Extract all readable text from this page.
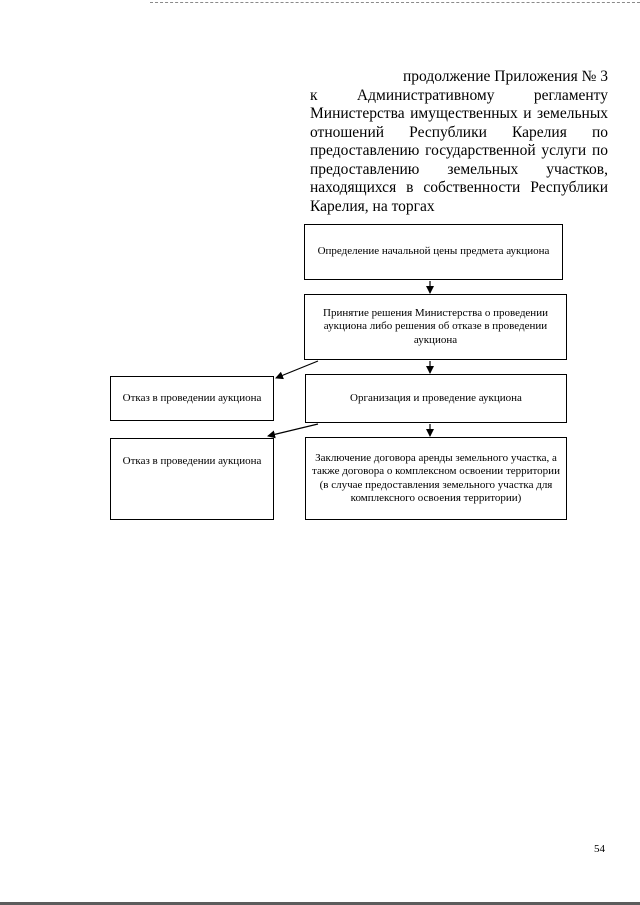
продолжение Приложения № 3
к Административному регламенту
Министерства имущественных и земельных
отношений Республики Карелия по
предоставлению государственной услуги по
предоставлению земельных участков,
находящихся в собственности Республики
Карелия, на торгах
Определение начальной цены предмета аукциона
Принятие решения Министерства о проведении аукциона либо решения об отказе в проведении аукциона
Отказ в проведении аукциона	Организация и проведение аукциона
Отказ в проведении аукциона	Заключение договора аренды земельного участка, а также договора о комплексном освоении территории (в случае предоставления земельного участка для комплексного освоения территории)
54
